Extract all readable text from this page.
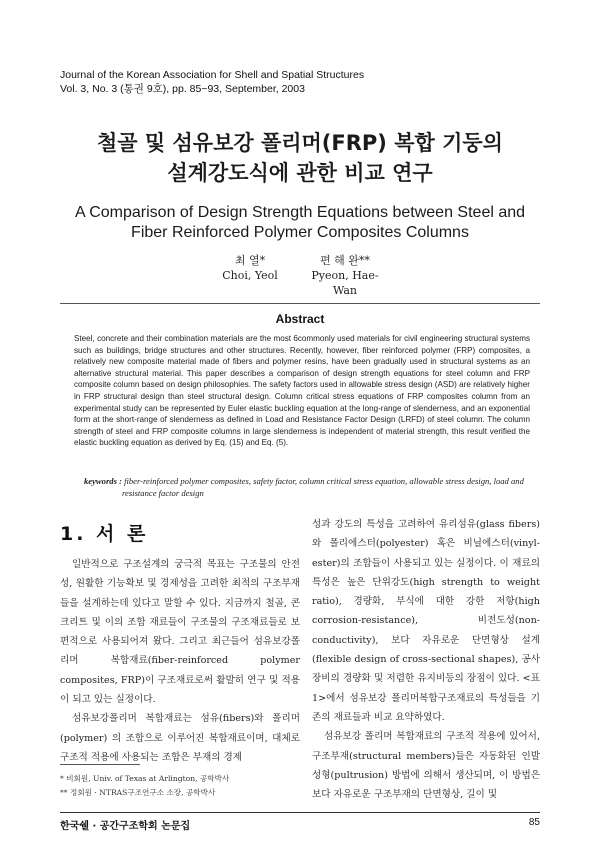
Journal of the Korean Association for Shell and Spatial Structures
Vol. 3, No. 3 (통권 9호), pp. 85~93, September, 2003
철골 및 섬유보강 폴리머(FRP) 복합 기둥의
설계강도식에 관한 비교 연구
A Comparison of Design Strength Equations between Steel and
Fiber Reinforced Polymer Composites Columns
최 열*
Choi, Yeol
편 해 완**
Pyeon, Hae-Wan
Abstract
Steel, concrete and their combination materials are the most 6commonly used materials for civil engineering structural systems such as buildings, bridge structures and other structures. Recently, however, fiber reinforced polymer (FRP) composites, a relatively new composite material made of fibers and polymer resins, have been gradually used in structural systems as an alternative structural material. This paper describes a comparison of design strength equations for steel column and FRP composite column based on design philosophies. The safety factors used in allowable stress design (ASD) are relatively higher in FRP structural design than steel structural design. Column critical stress equations of FRP composites column from an experimental study can be represented by Euler elastic buckling equation at the long-range of slenderness, and an exponential form at the short-range of slenderness as defined in Load and Resistance Factor Design (LRFD) of steel column. The column strength of steel and FRP composite columns in large slenderness is independent of material strength, this result verified the elastic buckling equation as derived by Eq. (15) and Eq. (5).
keywords : fiber-reinforced polymer composites, safety factor, column critical stress equation, allowable stress design, load and
resistance factor design
1. 서 론

일반적으로 구조설계의 궁극적 목표는 구조물의 안전성, 원활한 기능확보 및 경제성을 고려한 최적의 구조부재들을 설계하는데 있다고 말할 수 있다. 지금까지 철골, 콘크리트 및 이의 조합 재료들이 구조물의 구조재료들로 보편적으로 사용되어져 왔다. 그리고 최근들어 섬유보강폴리머 복합재료(fiber-reinforced polymer composites, FRP)이 구조재료로써 활발히 연구 및 적용이 되고 있는 실정이다.

섬유보강폴리머 복합재료는 섬유(fibers)와 폴리머(polymer) 의 조합으로 이루어진 복합재료이며, 대체로 구조적 적용에 사용되는 조합은 부재의 경제

성과 강도의 특성을 고려하여 유리섬유(glass fibers)와 폴리에스터(polyester) 혹은 비닐에스터(vinyl-ester)의 조합들이 사용되고 있는 실정이다. 이 재료의 특성은 높은 단위강도(high strength to weight ratio), 경량화, 부식에 대한 강한 저항(high corrosion-resistance), 비전도성(non-conductivity), 보다 자유로운 단면형상 설계(flexible design of cross-sectional shapes), 공사장비의 경량화 및 저렴한 유지비등의 장점이 있다. <표 1>에서 섬유보강 폴리머복합구조재료의 특성들을 기존의 재료들과 비교 요약하였다.

섬유보강 폴리머 복합재료의 구조적 적용에 있어서, 구조부재(structural members)들은 자동화된 인발성형(pultrusion) 방법에 의해서 생산되며, 이 방법은 보다 자유로운 구조부재의 단면형상, 길이 및

* 비회원, Univ. of Texas at Arlington, 공학박사
** 정회원 · NTRAS구조연구소 소장, 공학박사
한국쉘 · 공간구조학회 논문집	85
